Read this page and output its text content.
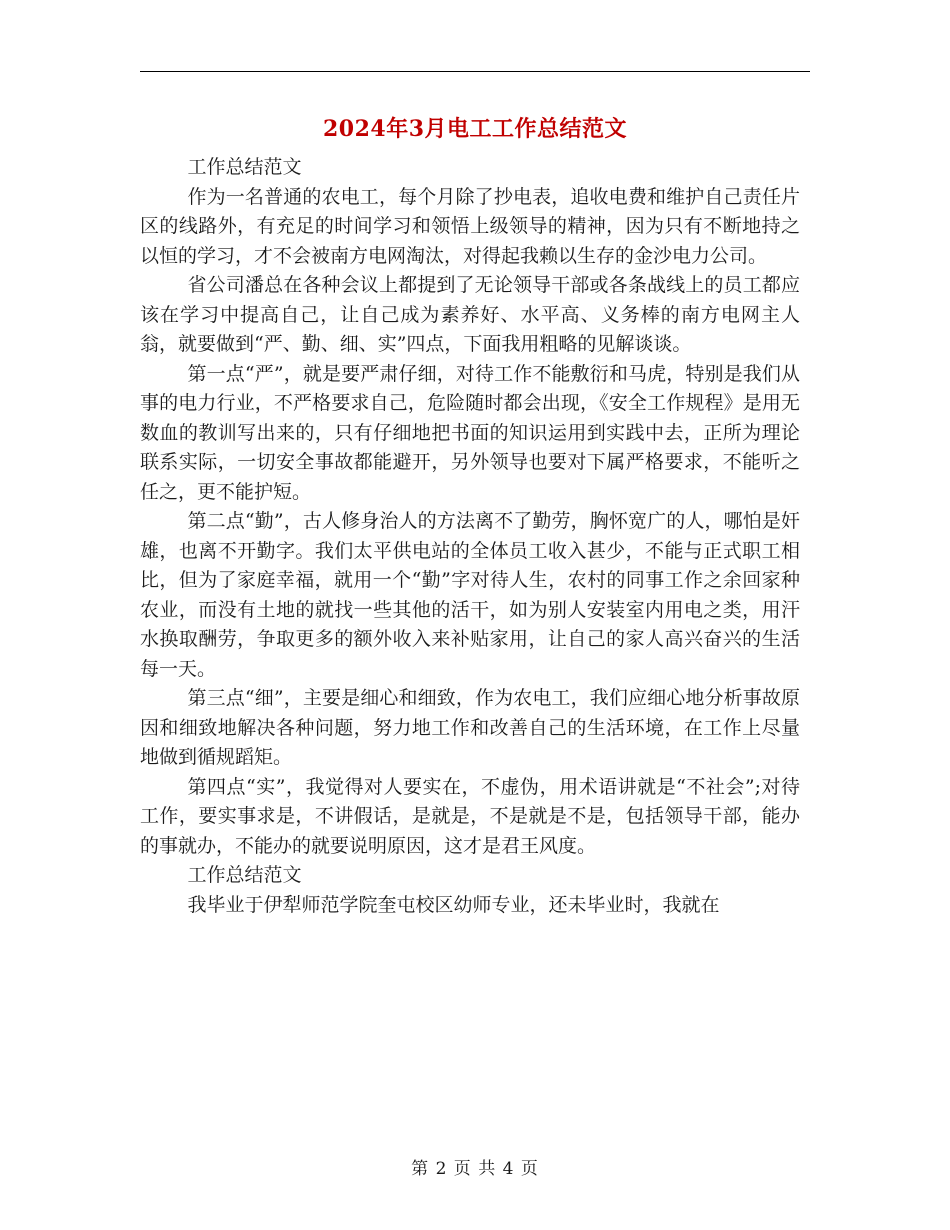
2024年3月电工工作总结范文

工作总结范文

作为一名普通的农电工，每个月除了抄电表，追收电费和维护自己责任片区的线路外，有充足的时间学习和领悟上级领导的精神，因为只有不断地持之以恒的学习，才不会被南方电网淘汰，对得起我赖以生存的金沙电力公司。

省公司潘总在各种会议上都提到了无论领导干部或各条战线上的员工都应该在学习中提高自己，让自己成为素养好、水平高、义务棒的南方电网主人翁，就要做到“严、勤、细、实”四点，下面我用粗略的见解谈谈。

第一点“严”，就是要严肃仔细，对待工作不能敷衍和马虎，特别是我们从事的电力行业，不严格要求自己，危险随时都会出现，《安全工作规程》是用无数血的教训写出来的，只有仔细地把书面的知识运用到实践中去，正所为理论联系实际，一切安全事故都能避开，另外领导也要对下属严格要求，不能听之任之，更不能护短。

第二点“勤”，古人修身治人的方法离不了勤劳，胸怀宽广的人，哪怕是奸雄，也离不开勤字。我们太平供电站的全体员工收入甚少，不能与正式职工相比，但为了家庭幸福，就用一个“勤”字对待人生，农村的同事工作之余回家种农业，而没有土地的就找一些其他的活干，如为别人安装室内用电之类，用汗水换取酬劳，争取更多的额外收入来补贴家用，让自己的家人高兴奋兴的生活每一天。

第三点“细”，主要是细心和细致，作为农电工，我们应细心地分析事故原因和细致地解决各种问题，努力地工作和改善自己的生活环境，在工作上尽量地做到循规蹈矩。

第四点“实”，我觉得对人要实在，不虚伪，用术语讲就是“不社会”;对待工作，要实事求是，不讲假话，是就是，不是就是不是，包括领导干部，能办的事就办，不能办的就要说明原因，这才是君王风度。

工作总结范文

我毕业于伊犁师范学院奎屯校区幼师专业，还未毕业时，我就在

第 2 页 共 4 页
